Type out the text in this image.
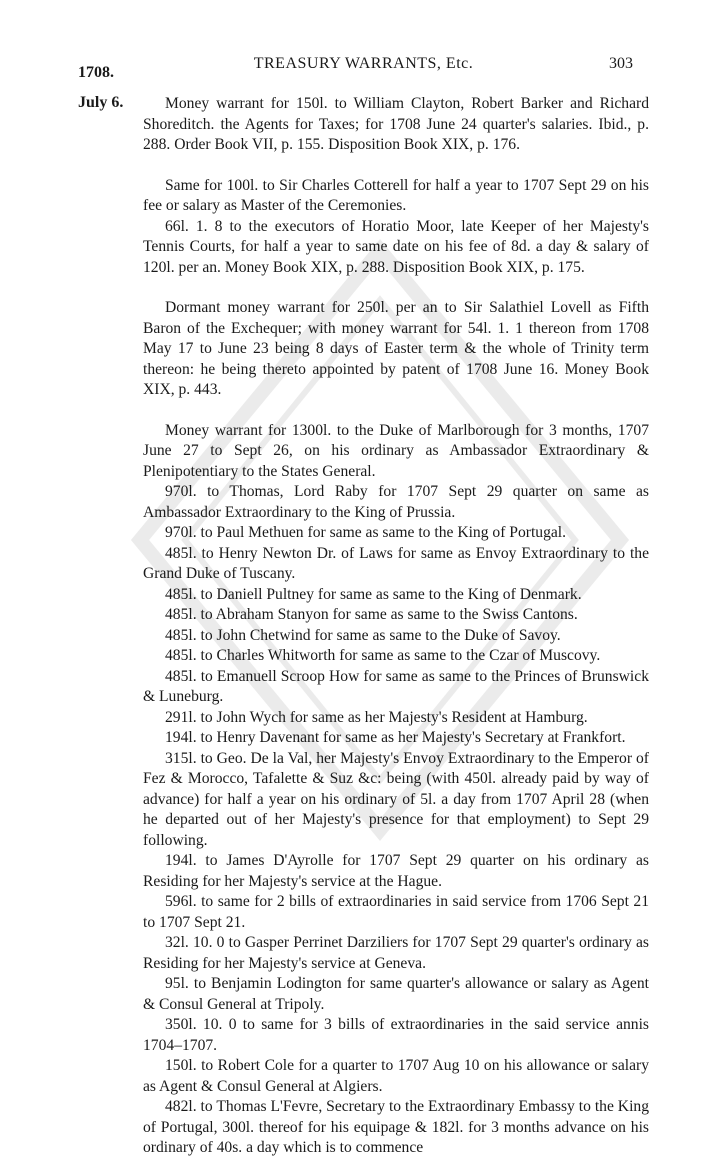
TREASURY WARRANTS, Etc.	303
1708.
July 6.	Money warrant for 150l. to William Clayton, Robert Barker and Richard Shoreditch. the Agents for Taxes; for 1708 June 24 quarter's salaries. Ibid., p. 288. Order Book VII, p. 155. Disposition Book XIX, p. 176.

Same for 100l. to Sir Charles Cotterell for half a year to 1707 Sept 29 on his fee or salary as Master of the Ceremonies.

66l. 1. 8 to the executors of Horatio Moor, late Keeper of her Majesty's Tennis Courts, for half a year to same date on his fee of 8d. a day & salary of 120l. per an. Money Book XIX, p. 288. Disposition Book XIX, p. 175.

Dormant money warrant for 250l. per an to Sir Salathiel Lovell as Fifth Baron of the Exchequer; with money warrant for 54l. 1. 1 thereon from 1708 May 17 to June 23 being 8 days of Easter term & the whole of Trinity term thereon: he being thereto appointed by patent of 1708 June 16. Money Book XIX, p. 443.

Money warrant for 1300l. to the Duke of Marlborough for 3 months, 1707 June 27 to Sept 26, on his ordinary as Ambassador Extraordinary & Plenipotentiary to the States General.

970l. to Thomas, Lord Raby for 1707 Sept 29 quarter on same as Ambassador Extraordinary to the King of Prussia.

970l. to Paul Methuen for same as same to the King of Portugal.

485l. to Henry Newton Dr. of Laws for same as Envoy Extraordinary to the Grand Duke of Tuscany.

485l. to Daniell Pultney for same as same to the King of Denmark.

485l. to Abraham Stanyon for same as same to the Swiss Cantons.

485l. to John Chetwind for same as same to the Duke of Savoy.

485l. to Charles Whitworth for same as same to the Czar of Muscovy.

485l. to Emanuell Scroop How for same as same to the Princes of Brunswick & Luneburg.

291l. to John Wych for same as her Majesty's Resident at Hamburg.

194l. to Henry Davenant for same as her Majesty's Secretary at Frankfort.

315l. to Geo. De la Val, her Majesty's Envoy Extraordinary to the Emperor of Fez & Morocco, Tafalette & Suz &c: being (with 450l. already paid by way of advance) for half a year on his ordinary of 5l. a day from 1707 April 28 (when he departed out of her Majesty's presence for that employment) to Sept 29 following.

194l. to James D'Ayrolle for 1707 Sept 29 quarter on his ordinary as Residing for her Majesty's service at the Hague.

596l. to same for 2 bills of extraordinaries in said service from 1706 Sept 21 to 1707 Sept 21.

32l. 10. 0 to Gasper Perrinet Darziliers for 1707 Sept 29 quarter's ordinary as Residing for her Majesty's service at Geneva.

95l. to Benjamin Lodington for same quarter's allowance or salary as Agent & Consul General at Tripoly.

350l. 10. 0 to same for 3 bills of extraordinaries in the said service annis 1704–1707.

150l. to Robert Cole for a quarter to 1707 Aug 10 on his allowance or salary as Agent & Consul General at Algiers.

482l. to Thomas L'Fevre, Secretary to the Extraordinary Embassy to the King of Portugal, 300l. thereof for his equipage & 182l. for 3 months advance on his ordinary of 40s. a day which is to commence
